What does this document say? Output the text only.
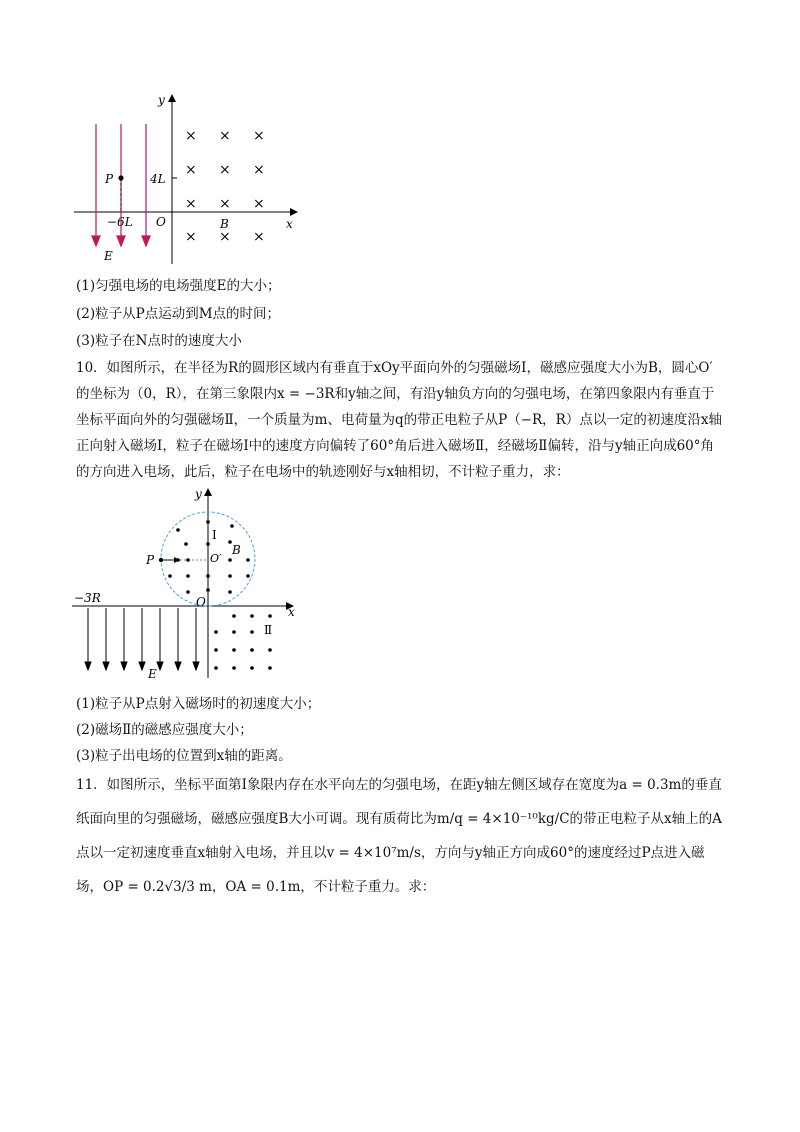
y
x
O
4L
P
−6L
E
B
× × ×
× × ×
× × ×
× × ×
(1)匀强电场的电场强度E的大小；
(2)粒子从P点运动到M点的时间；
(3)粒子在N点时的速度大小
10．如图所示，在半径为R的圆形区域内有垂直于xOy平面向外的匀强磁场Ⅰ，磁感应强度大小为B，圆心O′的坐标为（0，R），在第三象限内x = −3R和y轴之间，有沿y轴负方向的匀强电场，在第四象限内有垂直于坐标平面向外的匀强磁场Ⅱ，一个质量为m、电荷量为q的带正电粒子从P（−R，R）点以一定的初速度沿x轴正向射入磁场Ⅰ，粒子在磁场Ⅰ中的速度方向偏转了60°角后进入磁场Ⅱ，经磁场Ⅱ偏转，沿与y轴正向成60°角的方向进入电场，此后，粒子在电场中的轨迹刚好与x轴相切，不计粒子重力，求：
y
x
O
−3R
Ⅰ
B
O′
P
E
Ⅱ
(1)粒子从P点射入磁场时的初速度大小；
(2)磁场Ⅱ的磁感应强度大小；
(3)粒子出电场的位置到x轴的距离。
11．如图所示，坐标平面第Ⅰ象限内存在水平向左的匀强电场，在距y轴左侧区域存在宽度为a = 0.3m的垂直纸面向里的匀强磁场，磁感应强度B大小可调。现有质荷比为m/q = 4×10⁻¹⁰kg/C的带正电粒子从x轴上的A点以一定初速度垂直x轴射入电场，并且以v = 4×10⁷m/s，方向与y轴正方向成60°的速度经过P点进入磁场，OP = 0.2√3/3 m，OA = 0.1m，不计粒子重力。求：
